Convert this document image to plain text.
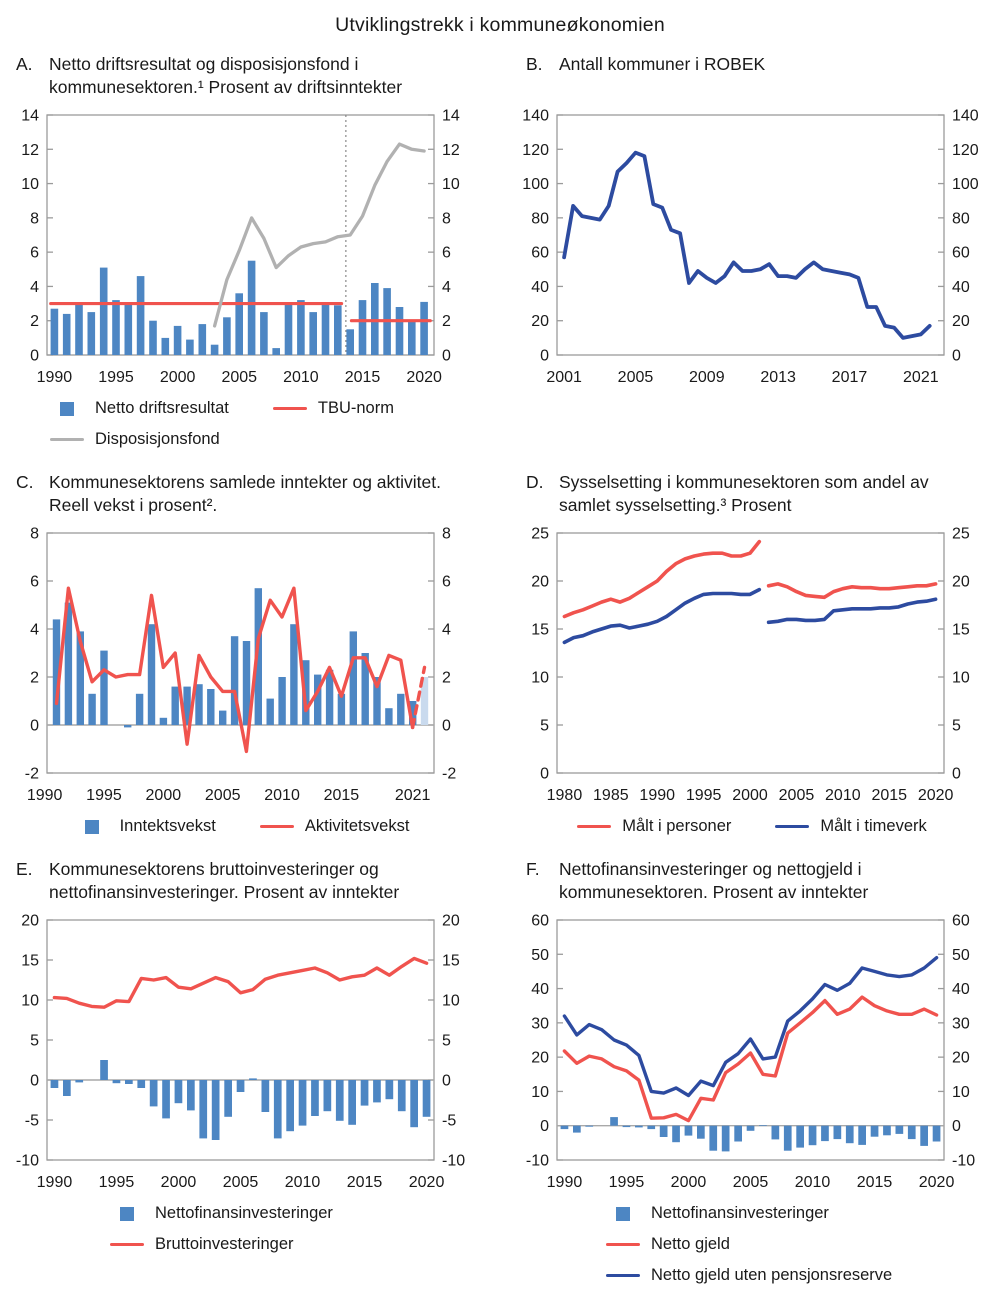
Utviklingstrekk i kommuneøkonomien
A. Netto driftsresultat og disposisjonsfond i kommunesektoren.¹ Prosent av driftsinntekter
0	0
2	2
4	4
6	6
8	8
10	10
12	12
14	14
1990 1995 2000 2005 2010 2015 2020
Netto driftsresultat	TBU-norm
Disposisjonsfond
B. Antall kommuner i ROBEK
0	0
20	20
40	40
60	60
80	80
100	100
120	120
140	140
2001 2005 2009 2013 2017 2021
C. Kommunesektorens samlede inntekter og aktivitet. Reell vekst i prosent².
-2	-2
0	0
2	2
4	4
6	6
8	8
1990 1995 2000 2005 2010 2015 2021
Inntektsvekst	Aktivitetsvekst
D. Sysselsetting i kommunesektoren som andel av samlet sysselsetting.³ Prosent
0	0
5	5
10	10
15	15
20	20
25	25
1980 1985 1990 1995 2000 2005 2010 2015 2020
Målt i personer	Målt i timeverk
E. Kommunesektorens bruttoinvesteringer og nettofinansinvesteringer. Prosent av inntekter
-10	-10
-5	-5
0	0
5	5
10	10
15	15
20	20
1990 1995 2000 2005 2010 2015 2020
Nettofinansinvesteringer
Bruttoinvesteringer
F.	Nettofinansinvesteringer og nettogjeld i kommunesektoren. Prosent av inntekter
-10	-10
0	0
10	10
20	20
30	30
40	40
50	50
60	60
1990 1995 2000 2005 2010 2015 2020
Nettofinansinvesteringer
Netto gjeld
Netto gjeld uten pensjonsreserve
